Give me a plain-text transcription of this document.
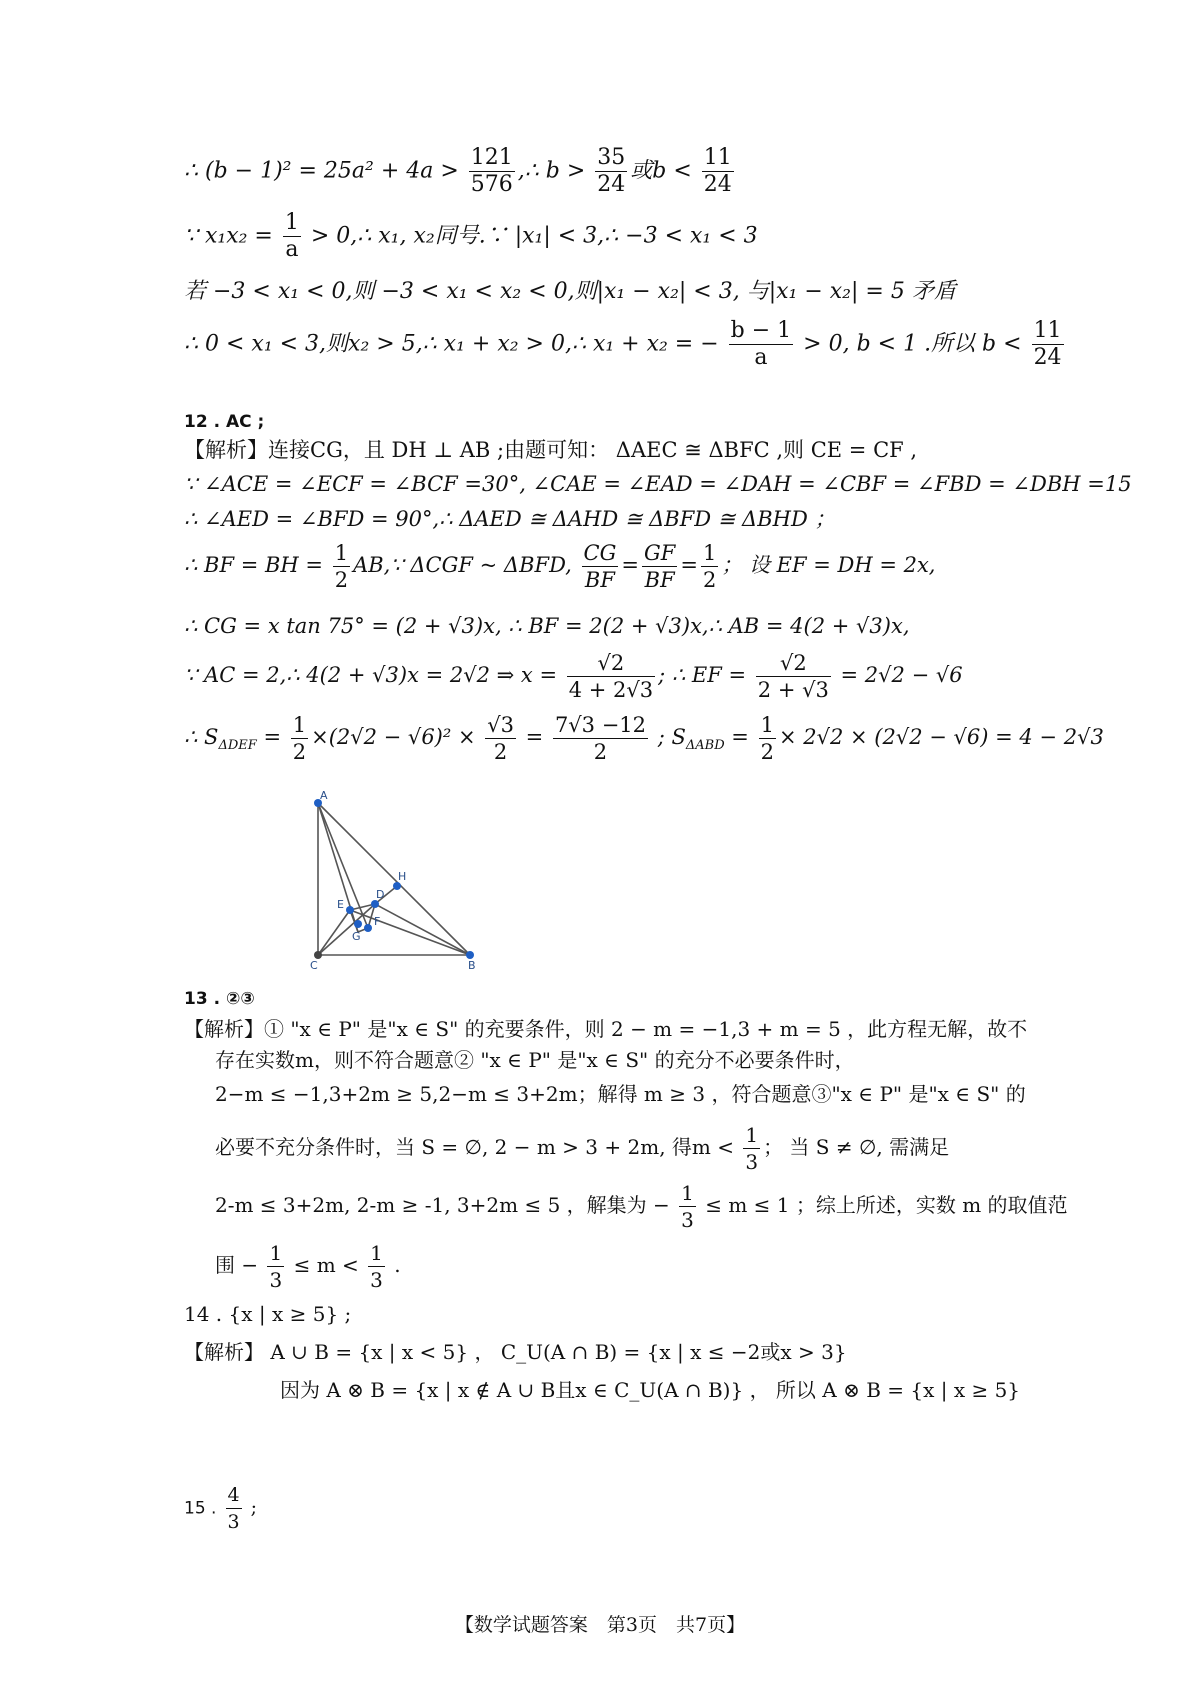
∴ $(b - 1)^2 = 25a^2 + 4a > \frac{121}{576}$ ,∴ $b > \frac{35}{24}$ 或$b < \frac{11}{24}$
∵ $x_1x_2 = \frac{1}{a}$ > 0,∴ x₁, x₂同号.∵ |x₁| < 3,∴ −3 < x₁ < 3
若 −3 < x₁ < 0,则 −3 < x₁ < x₂ < 0,则|x₁ − x₂| < 3, 与|x₁ − x₂| = 5 矛盾
∴ 0 < x₁ < 3,则x₂ > 5,∴ x₁ + x₂ > 0,∴ x₁ + x₂ = − $\frac{b - 1}{a} > 0$, b < 1 .所以 $b < \frac{11}{24}$
12 . AC ;
【解析】连接CG，且 DH ⊥ AB ;由题可知： ΔAEC ≅ ΔBFC ,则 CE = CF ,
∵ ∠ACE = ∠ECF = ∠BCF =30°, ∠CAE = ∠EAD = ∠DAH = ∠CBF = ∠FBD = ∠DBH =15
∴ ∠AED = ∠BFD = 90°,∴ ΔAED ≅ ΔAHD ≅ ΔBFD ≅ ΔBHD ；
∴ BF = BH = $\frac{1}{2}$ AB,∵ ΔCGF ~ ΔBFD, $\frac{CG}{BF} = \frac{GF}{BF} = \frac{1}{2}$ ； 设 EF = DH = 2x,
∴ CG = x tan 75° = (2 + √3)x, ∴ BF = 2(2 + √3)x,∴ AB = 4(2 + √3)x,
∵ AC = 2,∴ 4(2 + √3)x = 2√2 ⇒ $x = \frac{√2}{4 + 2√3}$ ; ∴ EF = $\frac{√2}{2 + √3} = 2√2 - √6$
∴ $S_{\Delta DEF} = \frac{1}{2} \times(2√2 - √6)^2 \times \frac{√3}{2} = \frac{7√3 -12}{2}$ ; $S_{\Delta ABD} = \frac{1}{2} \times 2√2 \times (2√2 - √6) = 4 - 2√3$
A
H
D
E
F
G
C	B
13 . ②③
【解析】① "x ∈ P" 是"x ∈ S" 的充要条件，则 2 − m = −1,3 + m = 5 ，此方程无解，故不
存在实数m，则不符合题意② "x ∈ P" 是"x ∈ S" 的充分不必要条件时，
2−m ≤ −1,3+2m ≥ 5,2−m ≤ 3+2m；解得 m ≥ 3 ，符合题意③"x ∈ P" 是"x ∈ S" 的
必要不充分条件时，当 S = ∅, 2 − m > 3 + 2m, 得$m < \frac{1}{3}$ ； 当 S ≠ ∅, 需满足
2-m ≤ 3+2m, 2-m ≥ -1, 3+2m ≤ 5 ，解集为 − $\frac{1}{3} \le m \le 1$ ；综上所述，实数 m 的取值范
围 − $\frac{1}{3} \le m < \frac{1}{3}$ .
14 . {x | x ≥ 5} ;
【解析】 A ∪ B = {x | x < 5} ， C_U(A ∩ B) = {x | x ≤ −2或x > 3}
因为 A ⊗ B = {x | x ∉ A ∪ B且x ∈ C_U(A ∩ B)} ， 所以 A ⊗ B = {x | x ≥ 5}
15 . $\frac{4}{3}$ ;
【数学试题答案　第3页　共7页】
